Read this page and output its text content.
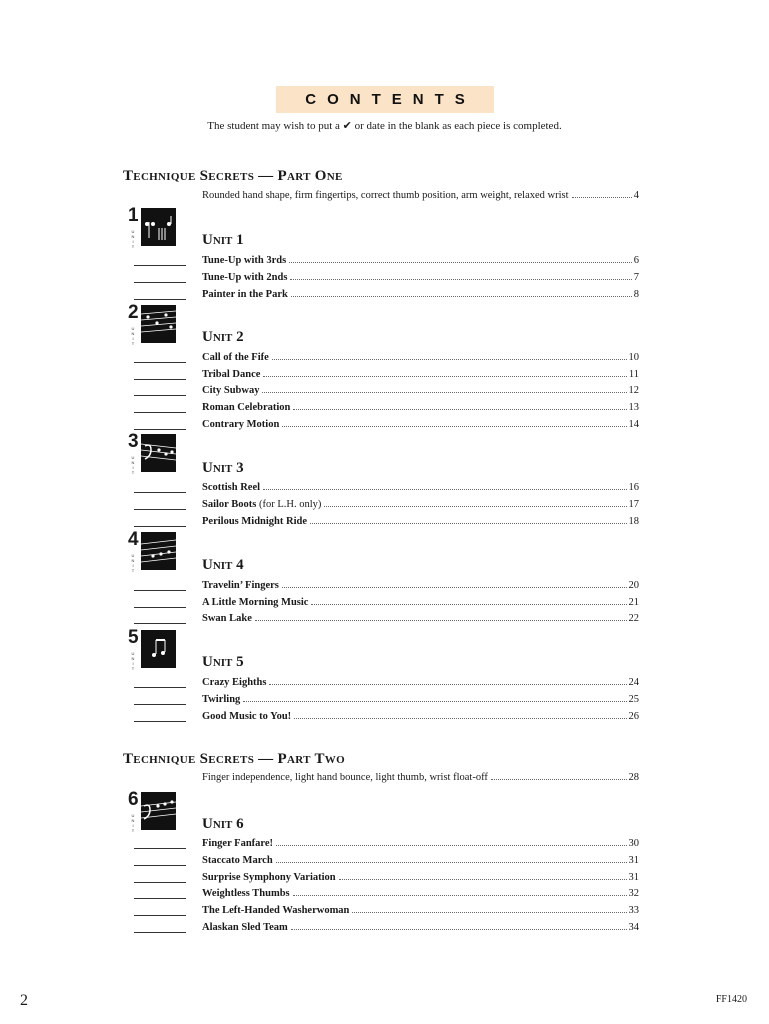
CONTENTS
The student may wish to put a ✔ or date in the blank as each piece is completed.
Technique Secrets — Part One
Rounded hand shape, firm fingertips, correct thumb position, arm weight, relaxed wrist	4
1
U
N
I
T
2
U
N
I
T
3
U
N
I
T
4
U
N
I
T
5
U
N
I
T
6
U
N
I
T
Unit 1
Tune-Up with 3rds	6
Tune-Up with 2nds	7
Painter in the Park	8
Unit 2
Call of the Fife	10
Tribal Dance	11
City Subway	12
Roman Celebration	13
Contrary Motion	14
Unit 3
Scottish Reel	16
Sailor Boots (for L.H. only)	17
Perilous Midnight Ride	18
Unit 4
Travelin’ Fingers	20
A Little Morning Music	21
Swan Lake	22
Unit 5
Crazy Eighths	24
Twirling	25
Good Music to You!	26
Technique Secrets — Part Two
Finger independence, light hand bounce, light thumb, wrist float-off	28
Unit 6
Finger Fanfare!	30
Staccato March	31
Surprise Symphony Variation	31
Weightless Thumbs	32
The Left-Handed Washerwoman	33
Alaskan Sled Team	34
2	FF1420
